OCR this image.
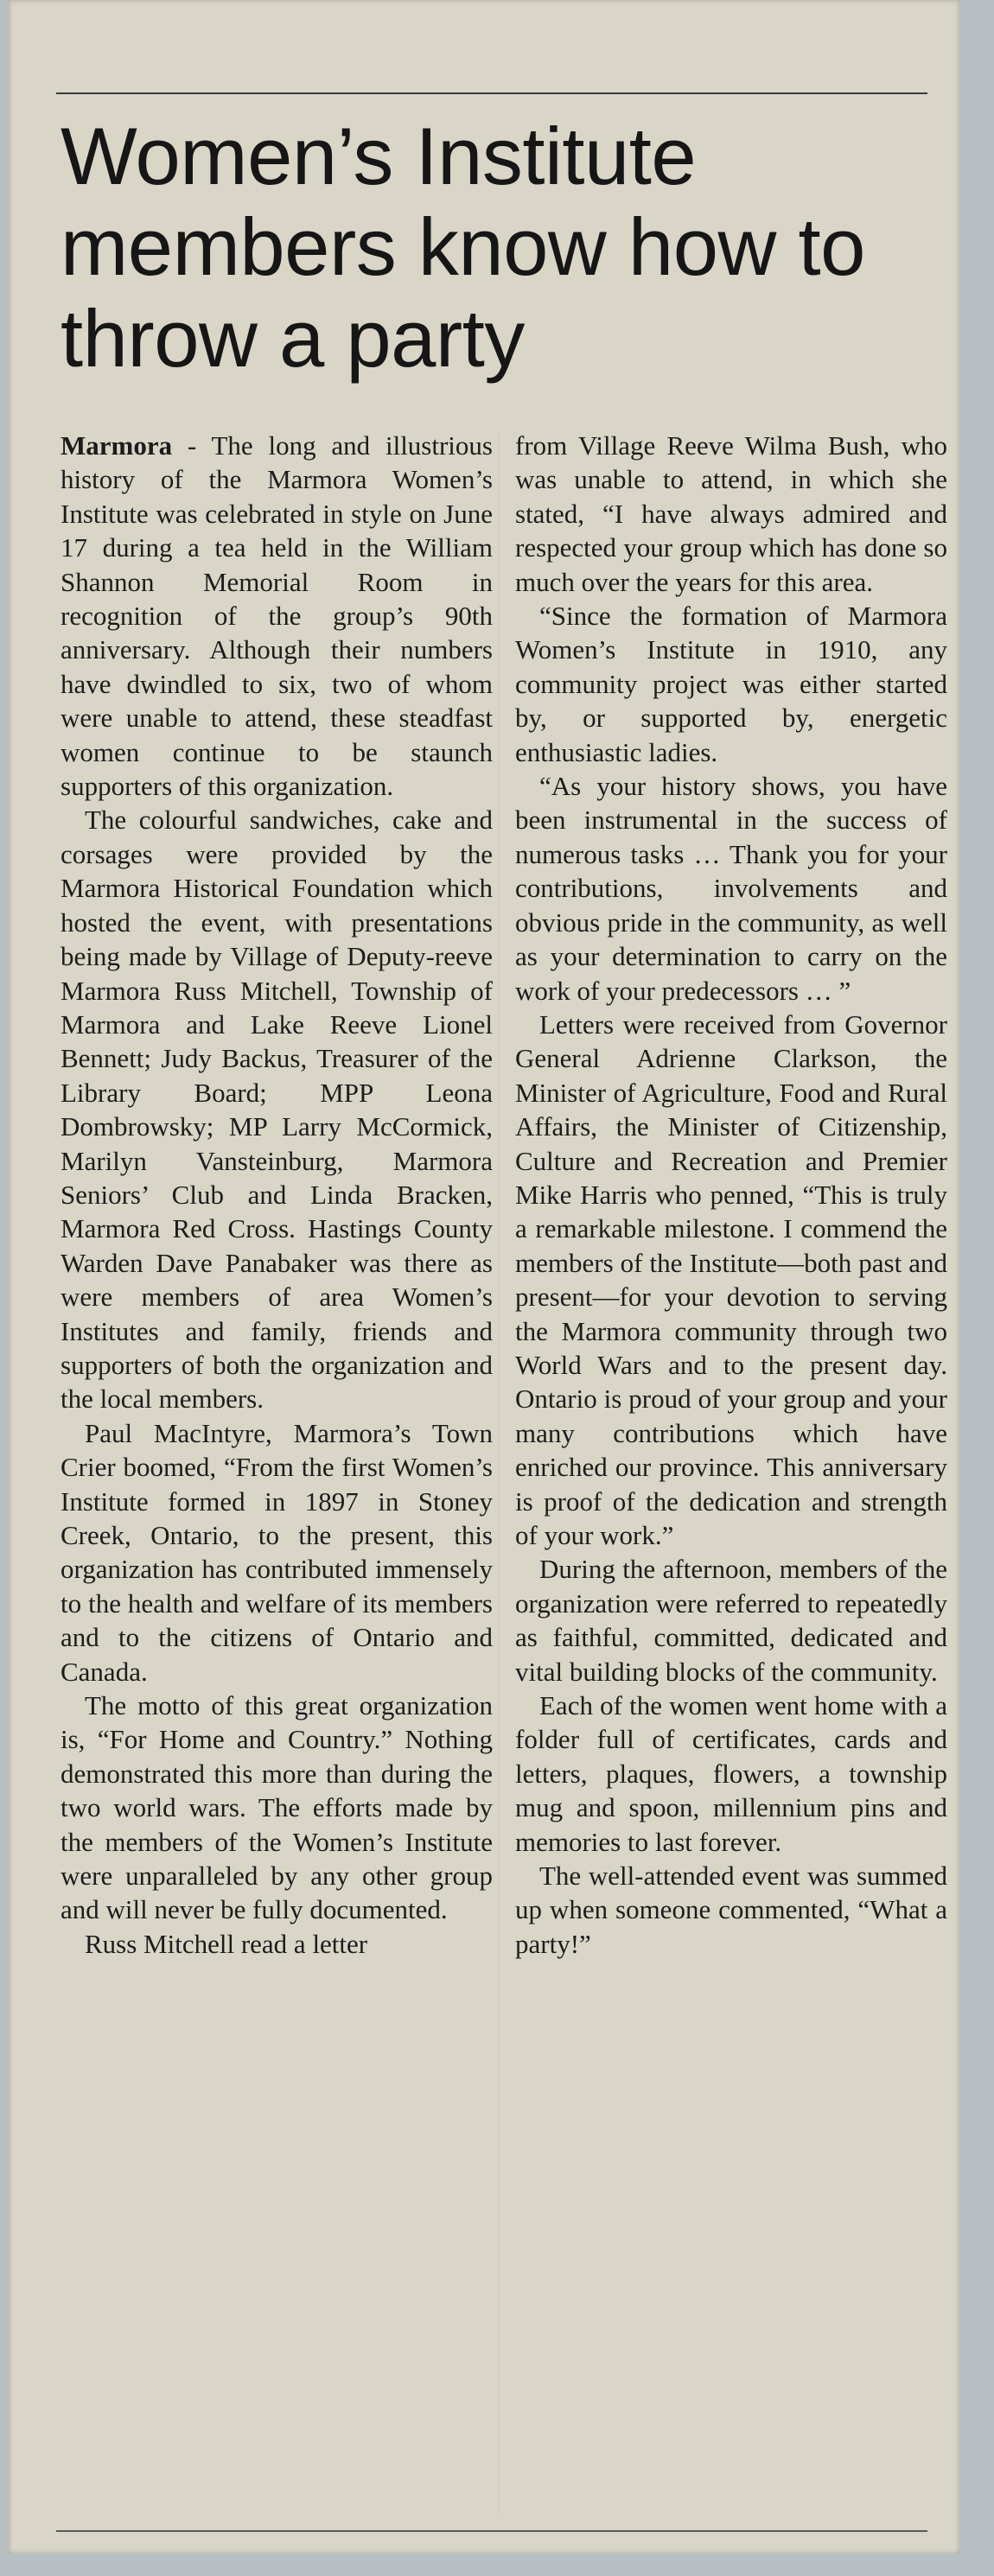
Women’s Institute members know how to throw a party

Marmora - The long and illustrious history of the Marmora Women’s Institute was celebrated in style on June 17 during a tea held in the William Shannon Memorial Room in recognition of the group’s 90th anniversary. Although their numbers have dwindled to six, two of whom were unable to attend, these steadfast women continue to be staunch supporters of this organization.

The colourful sandwiches, cake and corsages were provided by the Marmora Historical Foundation which hosted the event, with presentations being made by Village of Deputy-reeve Marmora Russ Mitchell, Township of Marmora and Lake Reeve Lionel Bennett; Judy Backus, Treasurer of the Library Board; MPP Leona Dombrowsky; MP Larry McCormick, Marilyn Vansteinburg, Marmora Seniors’ Club and Linda Bracken, Marmora Red Cross. Hastings County Warden Dave Panabaker was there as were members of area Women’s Institutes and family, friends and supporters of both the organization and the local members.

Paul MacIntyre, Marmora’s Town Crier boomed, “From the first Women’s Institute formed in 1897 in Stoney Creek, Ontario, to the present, this organization has contributed immensely to the health and welfare of its members and to the citizens of Ontario and Canada.

The motto of this great organization is, “For Home and Country.” Nothing demonstrated this more than during the two world wars. The efforts made by the members of the Women’s Institute were unparalleled by any other group and will never be fully documented.

Russ Mitchell read a letter

from Village Reeve Wilma Bush, who was unable to attend, in which she stated, “I have always admired and respected your group which has done so much over the years for this area.

“Since the formation of Marmora Women’s Institute in 1910, any community project was either started by, or supported by, energetic enthusiastic ladies.

“As your history shows, you have been instrumental in the success of numerous tasks … Thank you for your contributions, involvements and obvious pride in the community, as well as your determination to carry on the work of your predecessors … ”

Letters were received from Governor General Adrienne Clarkson, the Minister of Agriculture, Food and Rural Affairs, the Minister of Citizenship, Culture and Recreation and Premier Mike Harris who penned, “This is truly a remarkable milestone. I commend the members of the Institute—both past and present—for your devotion to serving the Marmora community through two World Wars and to the present day. Ontario is proud of your group and your many contributions which have enriched our province. This anniversary is proof of the dedication and strength of your work.”

During the afternoon, members of the organization were referred to repeatedly as faithful, committed, dedicated and vital building blocks of the community.

Each of the women went home with a folder full of certificates, cards and letters, plaques, flowers, a township mug and spoon, millennium pins and memories to last forever.

The well-attended event was summed up when someone commented, “What a party!”
